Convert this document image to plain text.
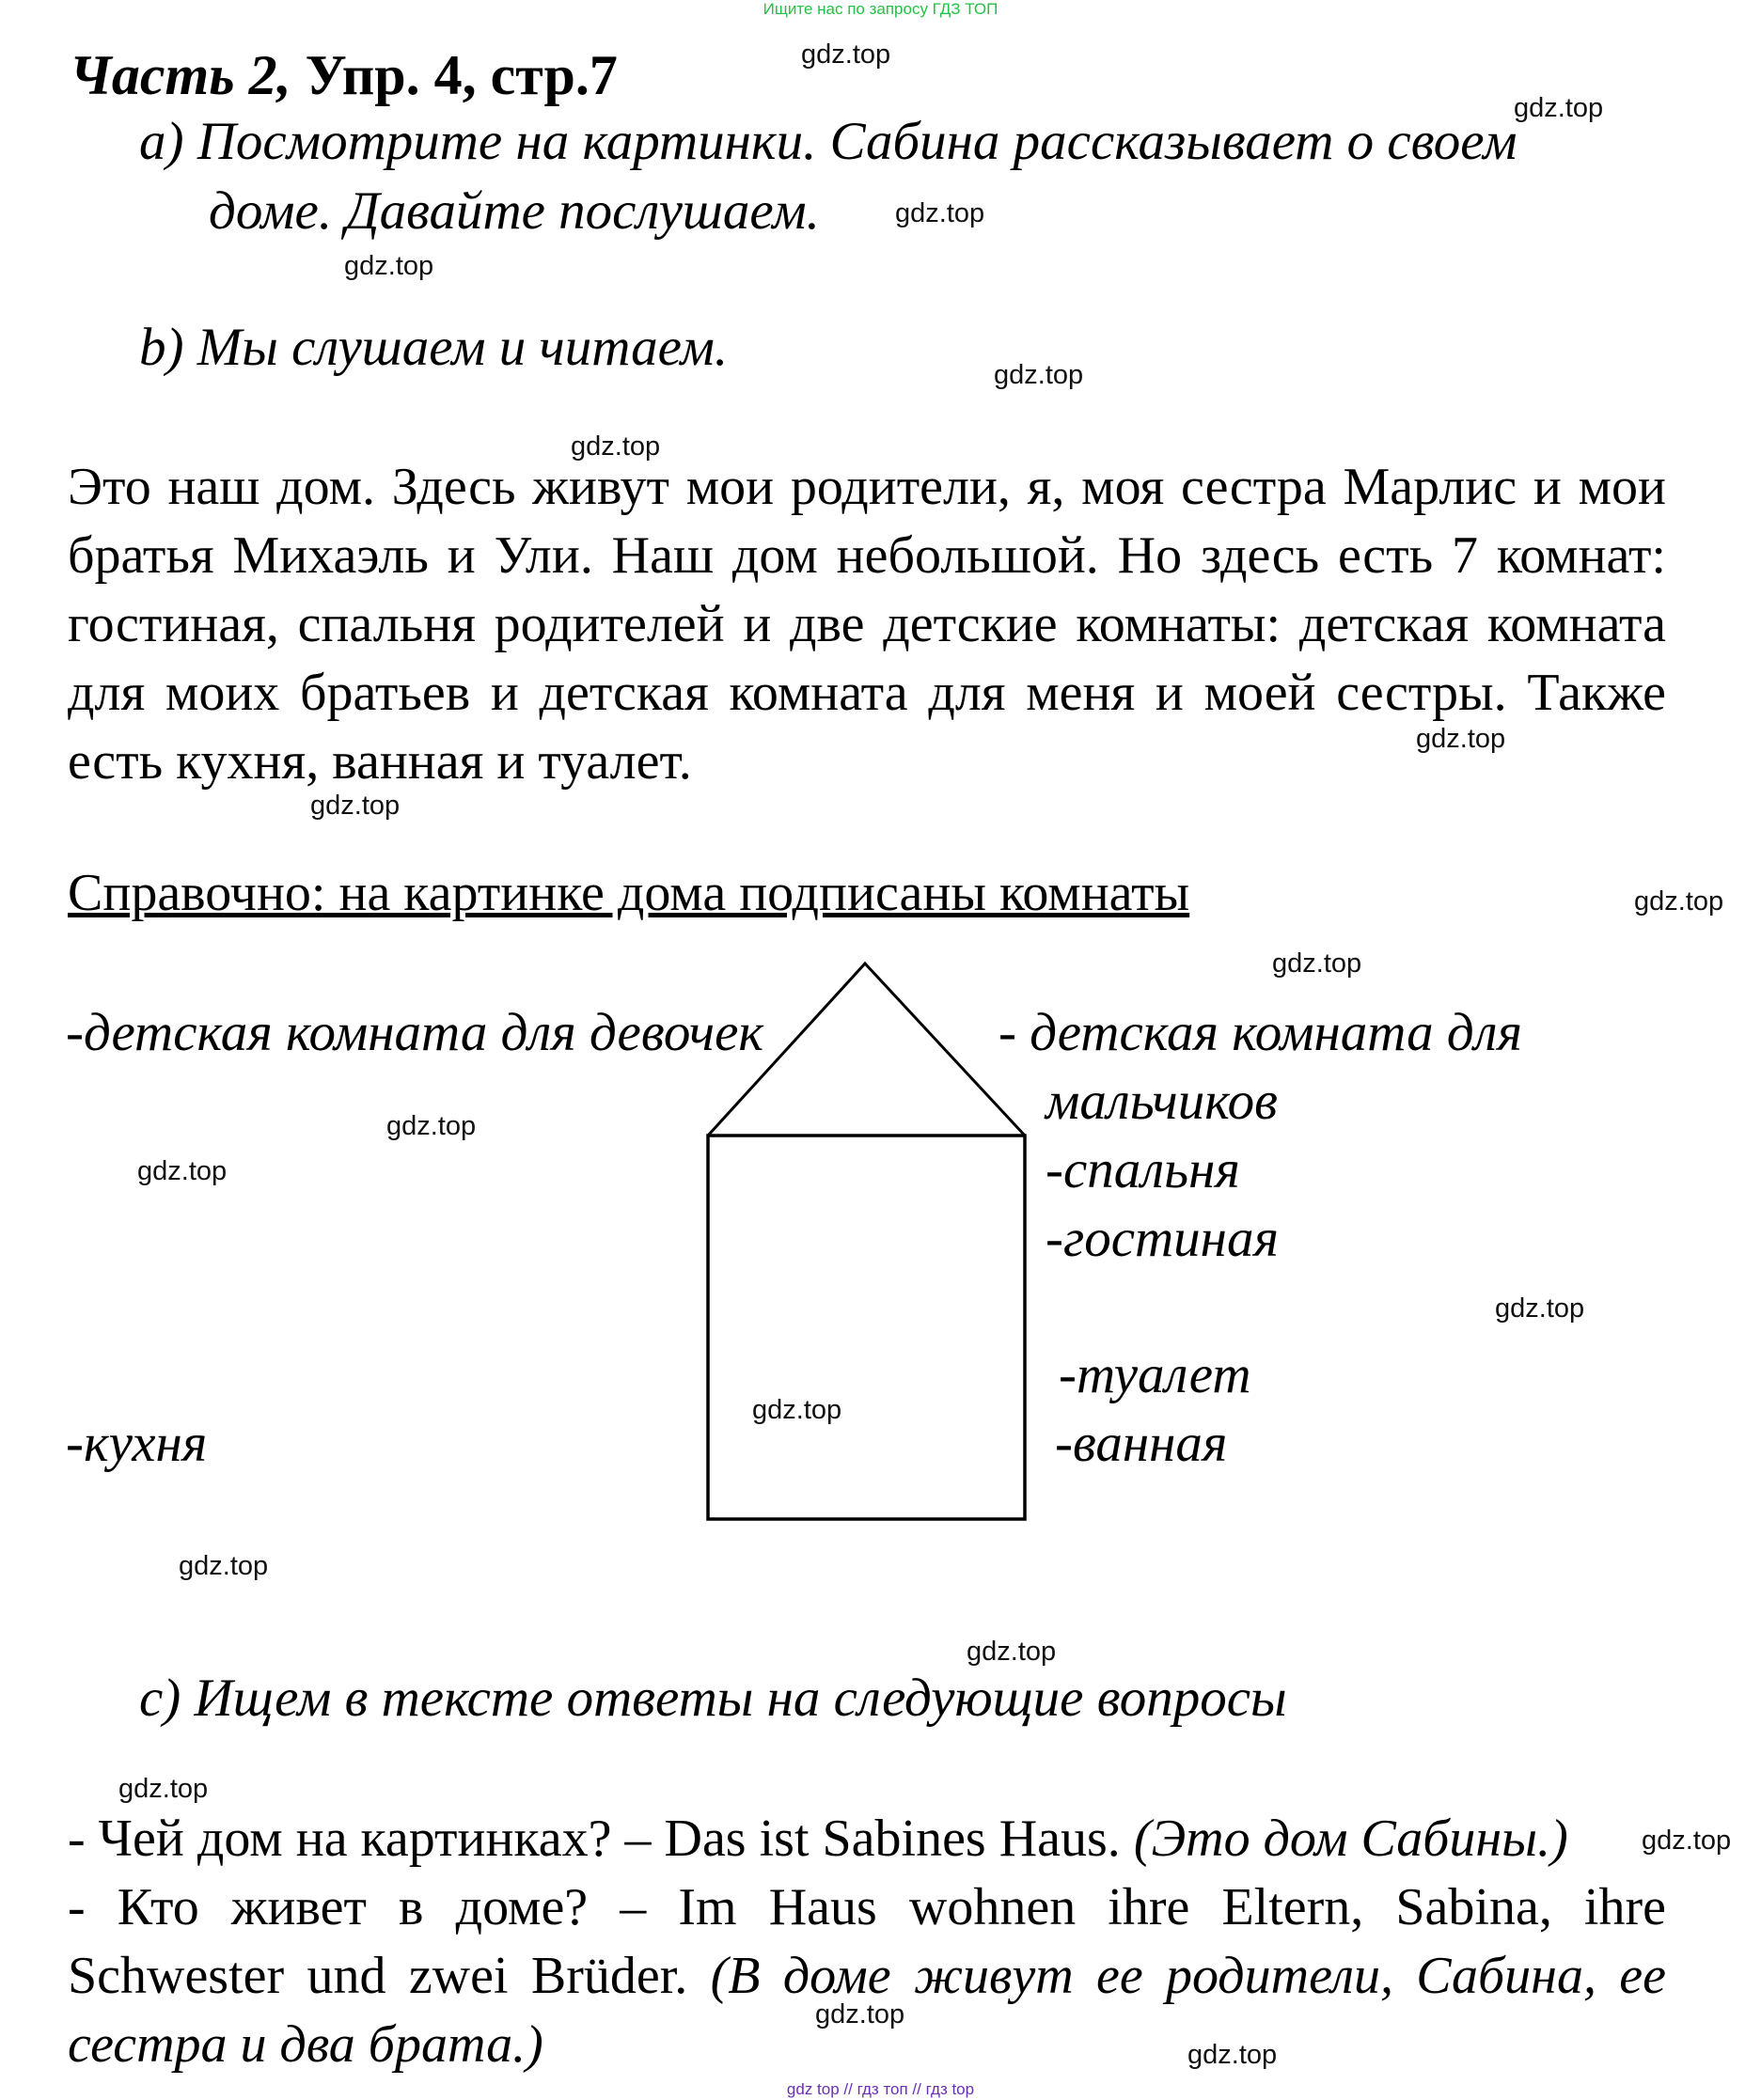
Ищите нас по запросу ГДЗ ТОП
Часть 2, Упр. 4, стр.7
a) Посмотрите на картинки. Сабина рассказывает о своем
доме. Давайте послушаем.
b) Мы слушаем и читаем.
Это наш дом. Здесь живут мои родители, я, моя сестра Марлис и мои братья Михаэль и Ули. Наш дом небольшой. Но здесь есть 7 комнат: гостиная, спальня родителей и две детские комнаты: детская комната для моих братьев и детская комната для меня и моей сестры. Также есть кухня, ванная и туалет.
Справочно: на картинке дома подписаны комнаты
-детская комната для девочек	- детская комната для
мальчиков
-спальня
-гостиная
-туалет
-ванная
-кухня
c) Ищем в тексте ответы на следующие вопросы
- Чей дом на картинках? – Das ist Sabines Haus. (Это дом Сабины.)
- Кто живет в доме? – Im Haus wohnen ihre Eltern, Sabina, ihre Schwester und zwei Brüder. (В доме живут ее родители, Сабина, ее сестра и два брата.)
gdz.top
gdz.top
gdz.top
gdz.top
gdz.top
gdz.top
gdz.top
gdz.top
gdz.top
gdz.top
gdz.top
gdz.top
gdz.top
gdz.top
gdz.top
gdz.top
gdz.top
gdz.top
gdz.top
gdz.top
gdz top // гдз топ // гдз top
